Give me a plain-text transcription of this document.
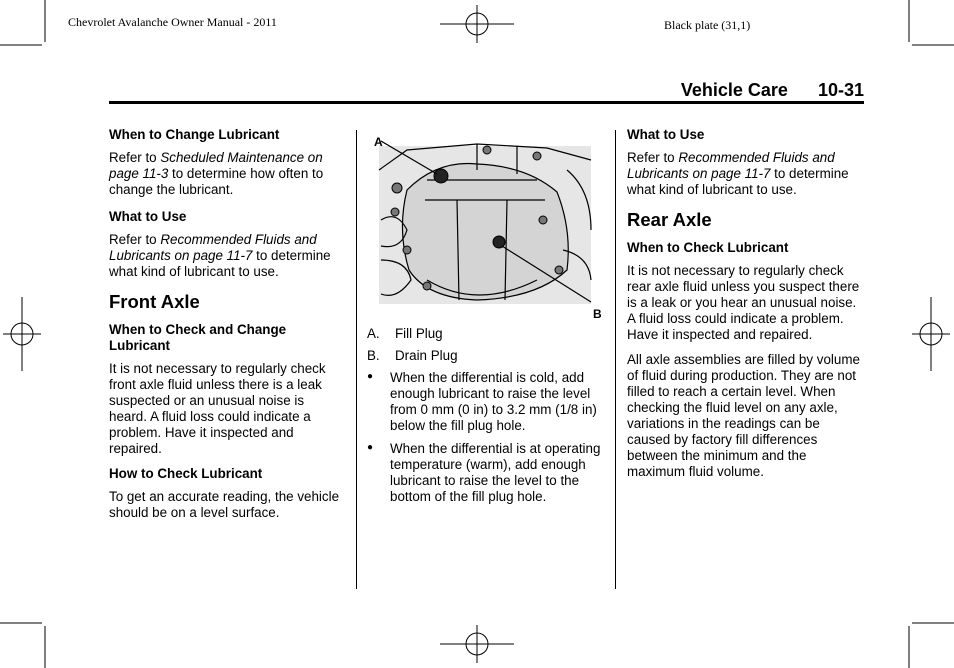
Chevrolet Avalanche Owner Manual - 2011	Black plate (31,1)
Vehicle Care 10-31
When to Change Lubricant

Refer to Scheduled Maintenance on page 11-3 to determine how often to change the lubricant.

What to Use

Refer to Recommended Fluids and Lubricants on page 11-7 to determine what kind of lubricant to use.

Front Axle
When to Check and Change Lubricant

It is not necessary to regularly check front axle fluid unless there is a leak suspected or an unusual noise is heard. A fluid loss could indicate a problem. Have it inspected and repaired.

How to Check Lubricant

To get an accurate reading, the vehicle should be on a level surface.

A
B
A.	Fill Plug
B.	Drain Plug
●	When the differential is cold, add enough lubricant to raise the level from 0 mm (0 in) to 3.2 mm (1/8 in) below the fill plug hole.
●	When the differential is at operating temperature (warm), add enough lubricant to raise the level to the bottom of the fill plug hole.
What to Use

Refer to Recommended Fluids and Lubricants on page 11-7 to determine what kind of lubricant to use.

Rear Axle
When to Check Lubricant

It is not necessary to regularly check rear axle fluid unless you suspect there is a leak or you hear an unusual noise. A fluid loss could indicate a problem. Have it inspected and repaired.

All axle assemblies are filled by volume of fluid during production. They are not filled to reach a certain level. When checking the fluid level on any axle, variations in the readings can be caused by factory fill differences between the minimum and the maximum fluid volume.
